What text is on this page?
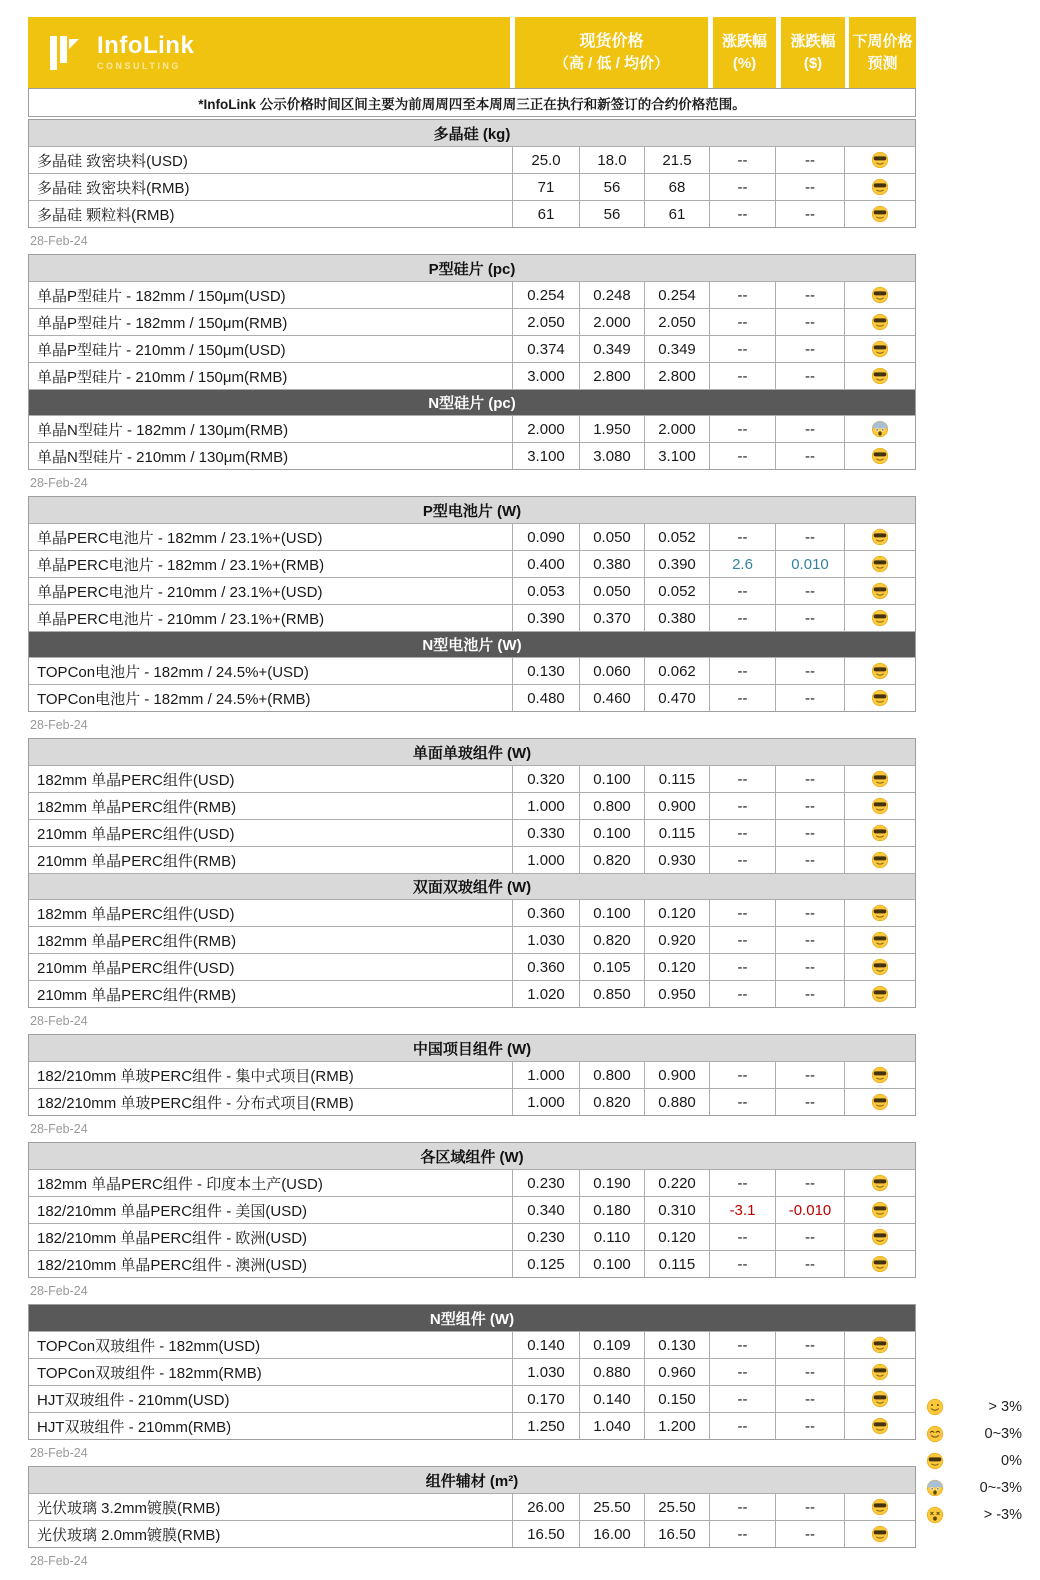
InfoLink
CONSULTING
现货价格
（高 / 低 / 均价）
涨跌幅
(%)
涨跌幅
($)
下周价格
预测
*InfoLink 公示价格时间区间主要为前周周四至本周周三正在执行和新签订的合约价格范围。
多晶硅 (kg)
多晶硅 致密块料(USD)	25.0	18.0	21.5	--	--
多晶硅 致密块料(RMB)	71	56	68	--	--
多晶硅 颗粒料(RMB)	61	56	61	--	--
28-Feb-24
P型硅片 (pc)
单晶P型硅片 - 182mm / 150μm(USD)	0.254	0.248	0.254	--	--
单晶P型硅片 - 182mm / 150μm(RMB)	2.050	2.000	2.050	--	--
单晶P型硅片 - 210mm / 150μm(USD)	0.374	0.349	0.349	--	--
单晶P型硅片 - 210mm / 150μm(RMB)	3.000	2.800	2.800	--	--
N型硅片 (pc)
单晶N型硅片 - 182mm / 130μm(RMB)	2.000	1.950	2.000	--	--
单晶N型硅片 - 210mm / 130μm(RMB)	3.100	3.080	3.100	--	--
28-Feb-24
P型电池片 (W)
单晶PERC电池片 - 182mm / 23.1%+(USD)	0.090	0.050	0.052	--	--
单晶PERC电池片 - 182mm / 23.1%+(RMB)	0.400	0.380	0.390	2.6	0.010
单晶PERC电池片 - 210mm / 23.1%+(USD)	0.053	0.050	0.052	--	--
单晶PERC电池片 - 210mm / 23.1%+(RMB)	0.390	0.370	0.380	--	--
N型电池片 (W)
TOPCon电池片 - 182mm / 24.5%+(USD)	0.130	0.060	0.062	--	--
TOPCon电池片 - 182mm / 24.5%+(RMB)	0.480	0.460	0.470	--	--
28-Feb-24
单面单玻组件 (W)
182mm 单晶PERC组件(USD)	0.320	0.100	0.115	--	--
182mm 单晶PERC组件(RMB)	1.000	0.800	0.900	--	--
210mm 单晶PERC组件(USD)	0.330	0.100	0.115	--	--
210mm 单晶PERC组件(RMB)	1.000	0.820	0.930	--	--
双面双玻组件 (W)
182mm 单晶PERC组件(USD)	0.360	0.100	0.120	--	--
182mm 单晶PERC组件(RMB)	1.030	0.820	0.920	--	--
210mm 单晶PERC组件(USD)	0.360	0.105	0.120	--	--
210mm 单晶PERC组件(RMB)	1.020	0.850	0.950	--	--
28-Feb-24
中国项目组件 (W)
182/210mm 单玻PERC组件 - 集中式项目(RMB)	1.000	0.800	0.900	--	--
182/210mm 单玻PERC组件 - 分布式项目(RMB)	1.000	0.820	0.880	--	--
28-Feb-24
各区域组件 (W)
182mm 单晶PERC组件 - 印度本土产(USD)	0.230	0.190	0.220	--	--
182/210mm 单晶PERC组件 - 美国(USD)	0.340	0.180	0.310	-3.1	-0.010
182/210mm 单晶PERC组件 - 欧洲(USD)	0.230	0.110	0.120	--	--
182/210mm 单晶PERC组件 - 澳洲(USD)	0.125	0.100	0.115	--	--
28-Feb-24
N型组件 (W)
TOPCon双玻组件 - 182mm(USD)	0.140	0.109	0.130	--	--
TOPCon双玻组件 - 182mm(RMB)	1.030	0.880	0.960	--	--
HJT双玻组件 - 210mm(USD)	0.170	0.140	0.150	--	--
HJT双玻组件 - 210mm(RMB)	1.250	1.040	1.200	--	--
28-Feb-24
组件辅材 (m²)
光伏玻璃 3.2mm镀膜(RMB)	26.00	25.50	25.50	--	--
光伏玻璃 2.0mm镀膜(RMB)	16.50	16.00	16.50	--	--
28-Feb-24
> 3%
0~3%
0%
0~-3%
> -3%
